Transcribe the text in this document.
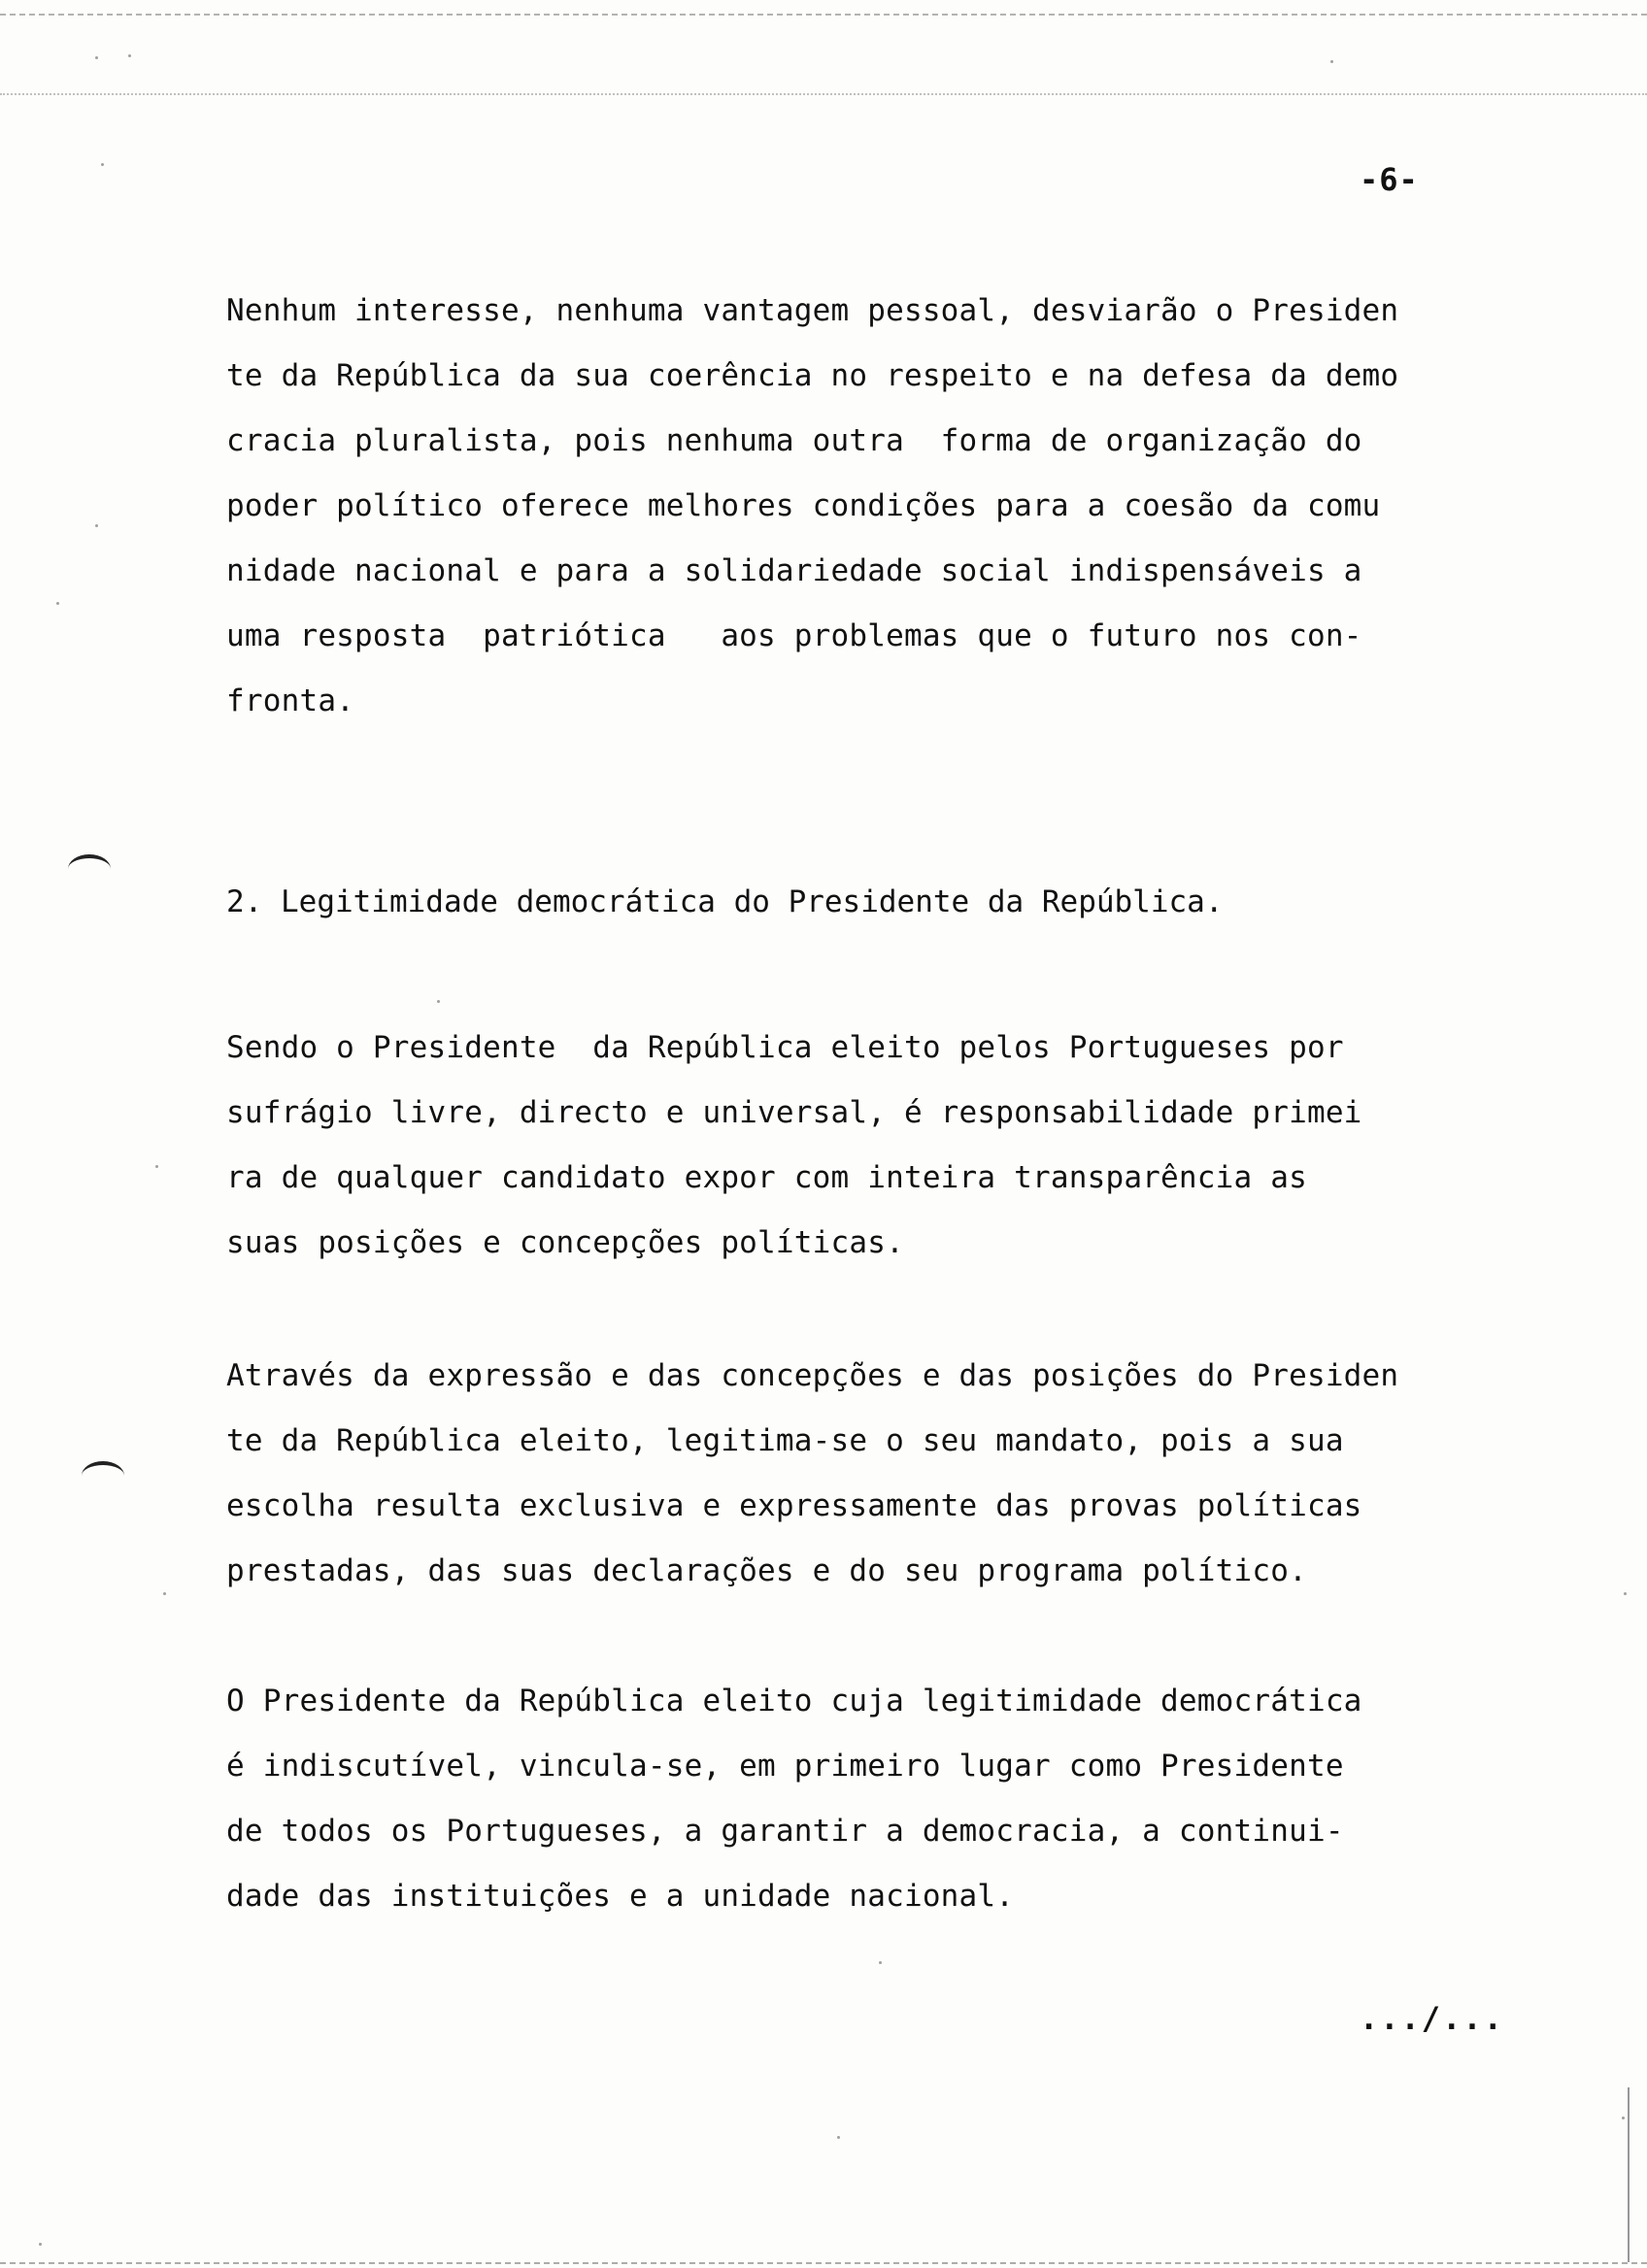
-6-

Nenhum interesse, nenhuma vantagem pessoal, desviarão o Presiden
te da República da sua coerência no respeito e na defesa da demo
cracia pluralista, pois nenhuma outra  forma de organização do
poder político oferece melhores condições para a coesão da comu
nidade nacional e para a solidariedade social indispensáveis a
uma resposta  patriótica   aos problemas que o futuro nos con-
fronta.

2. Legitimidade democrática do Presidente da República.

Sendo o Presidente  da República eleito pelos Portugueses por
sufrágio livre, directo e universal, é responsabilidade primei
ra de qualquer candidato expor com inteira transparência as
suas posições e concepções políticas.

Através da expressão e das concepções e das posições do Presiden
te da República eleito, legitima-se o seu mandato, pois a sua
escolha resulta exclusiva e expressamente das provas políticas
prestadas, das suas declarações e do seu programa político.

O Presidente da República eleito cuja legitimidade democrática
é indiscutível, vincula-se, em primeiro lugar como Presidente
de todos os Portugueses, a garantir a democracia, a continui-
dade das instituições e a unidade nacional.

.../...
